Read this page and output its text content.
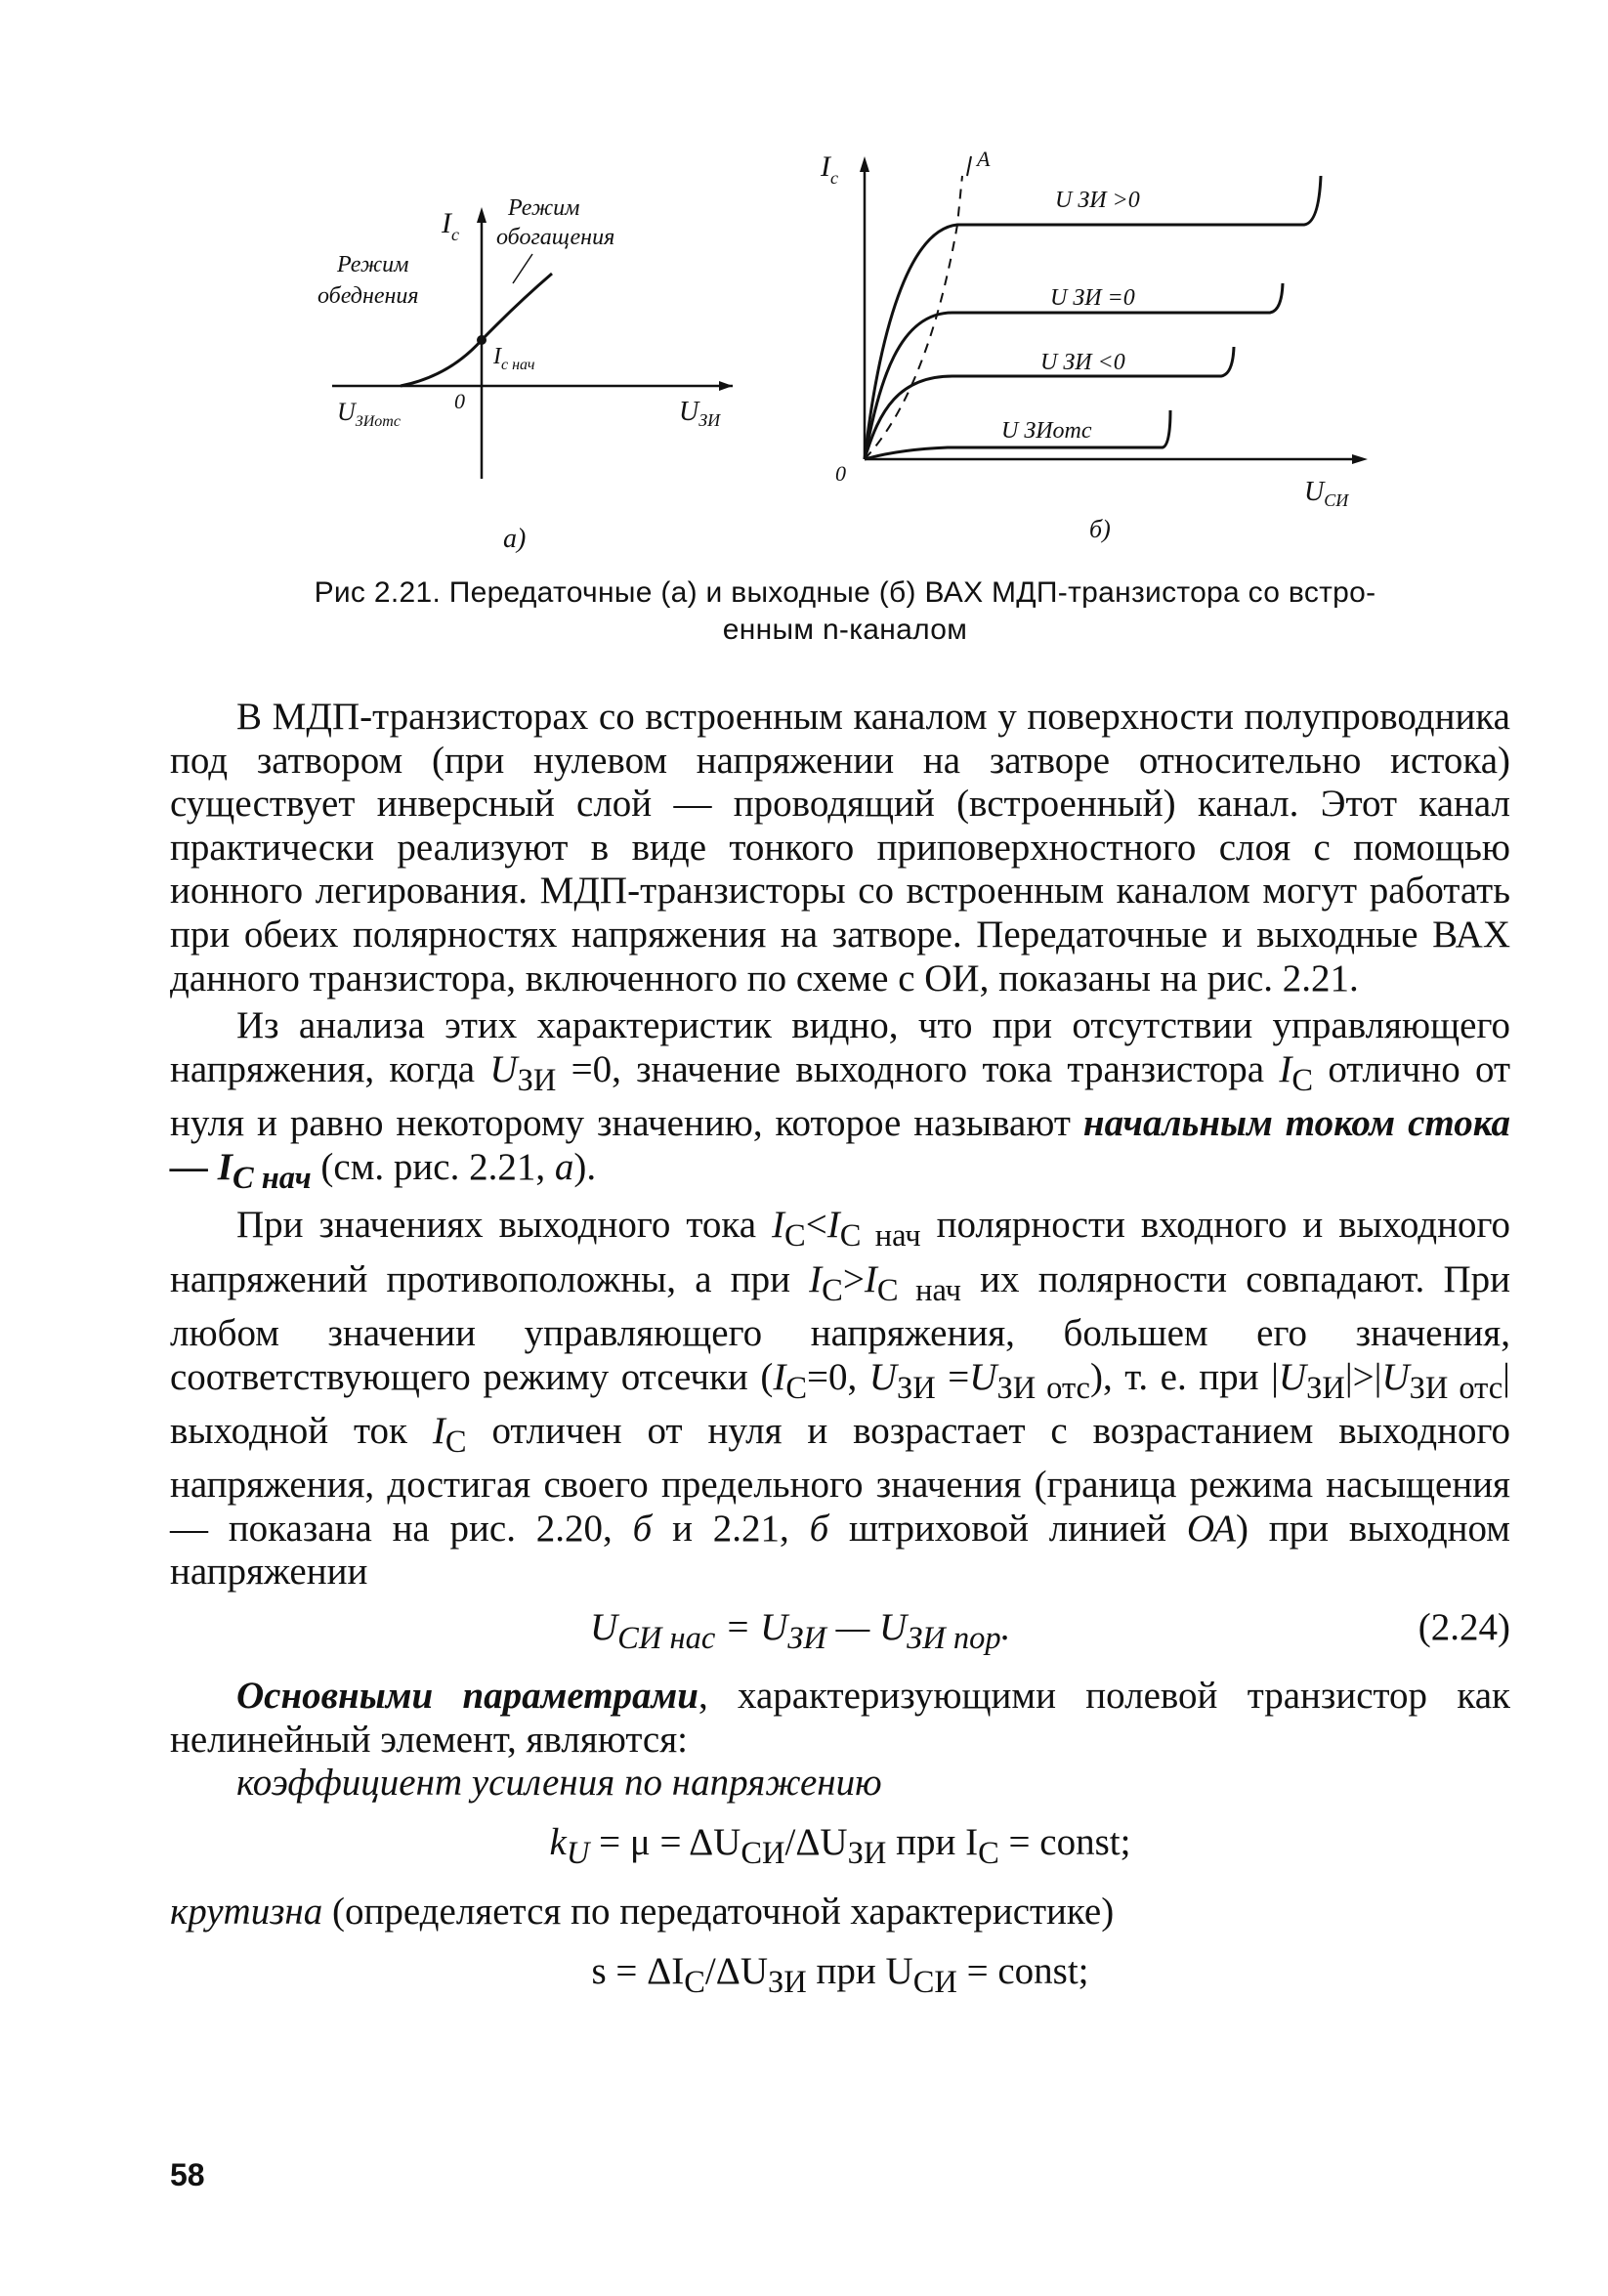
$I_c$
Режим
обогащения
Режим
обеднения
$I_{с нач}$
0
$U_{ЗИотс}$	$U_{ЗИ}$
а)
$I_c$
A
U ЗИ >0
U ЗИ =0
U ЗИ <0
U ЗИотс
0
$U_{СИ}$
б)
Рис 2.21. Передаточные (а) и выходные (б) ВАХ МДП-транзистора со встро-
енным n-каналом

В МДП-транзисторах со встроенным каналом у поверхности полупроводника под затвором (при нулевом напряжении на затворе относительно истока) существует инверсный слой — проводящий (встроенный) канал. Этот канал практически реализуют в виде тонкого приповерхностного слоя с помощью ионного легирования. МДП-транзисторы со встроенным каналом могут работать при обеих полярностях напряжения на затворе. Передаточные и выходные ВАХ данного транзистора, включенного по схеме с ОИ, показаны на рис. 2.21.

Из анализа этих характеристик видно, что при отсутствии управляющего напряжения, когда $U_{ЗИ} =0$, значение выходного тока транзистора $I_С$ отлично от нуля и равно некоторому значению, которое называют начальным током стока — $I_{С нач}$ (см. рис. 2.21, а).

При значениях выходного тока $I_С<I_{С нач}$ полярности входного и выходного напряжений противоположны, а при $I_С>I_{С нач}$ их полярности совпадают. При любом значении управляющего напряжения, большем его значения, соответствующего режиму отсечки ($I_С=0$, $U_{ЗИ} =U_{ЗИ отс}$), т. е. при $|U_{ЗИ}|>|U_{ЗИ отс}|$ выходной ток $I_С$ отличен от нуля и возрастает с возрастанием выходного напряжения, достигая своего предельного значения (граница режима насыщения — показана на рис. 2.20, б и 2.21, б штриховой линией ОА) при выходном напряжении

$U_{СИ нас} = U_{ЗИ}$ — $U_{ЗИ пор}$.	(2.24)

Основными параметрами, характеризующими полевой транзистор как нелинейный элемент, являются:

коэффициент усиления по напряжению
$k_U = \mu = \Delta U_{СИ}/\Delta U_{ЗИ}$ при $I_С$ = const;
крутизна (определяется по передаточной характеристике)
$s = \Delta I_С/\Delta U_{ЗИ}$ при $U_{СИ}$ = const;
58
